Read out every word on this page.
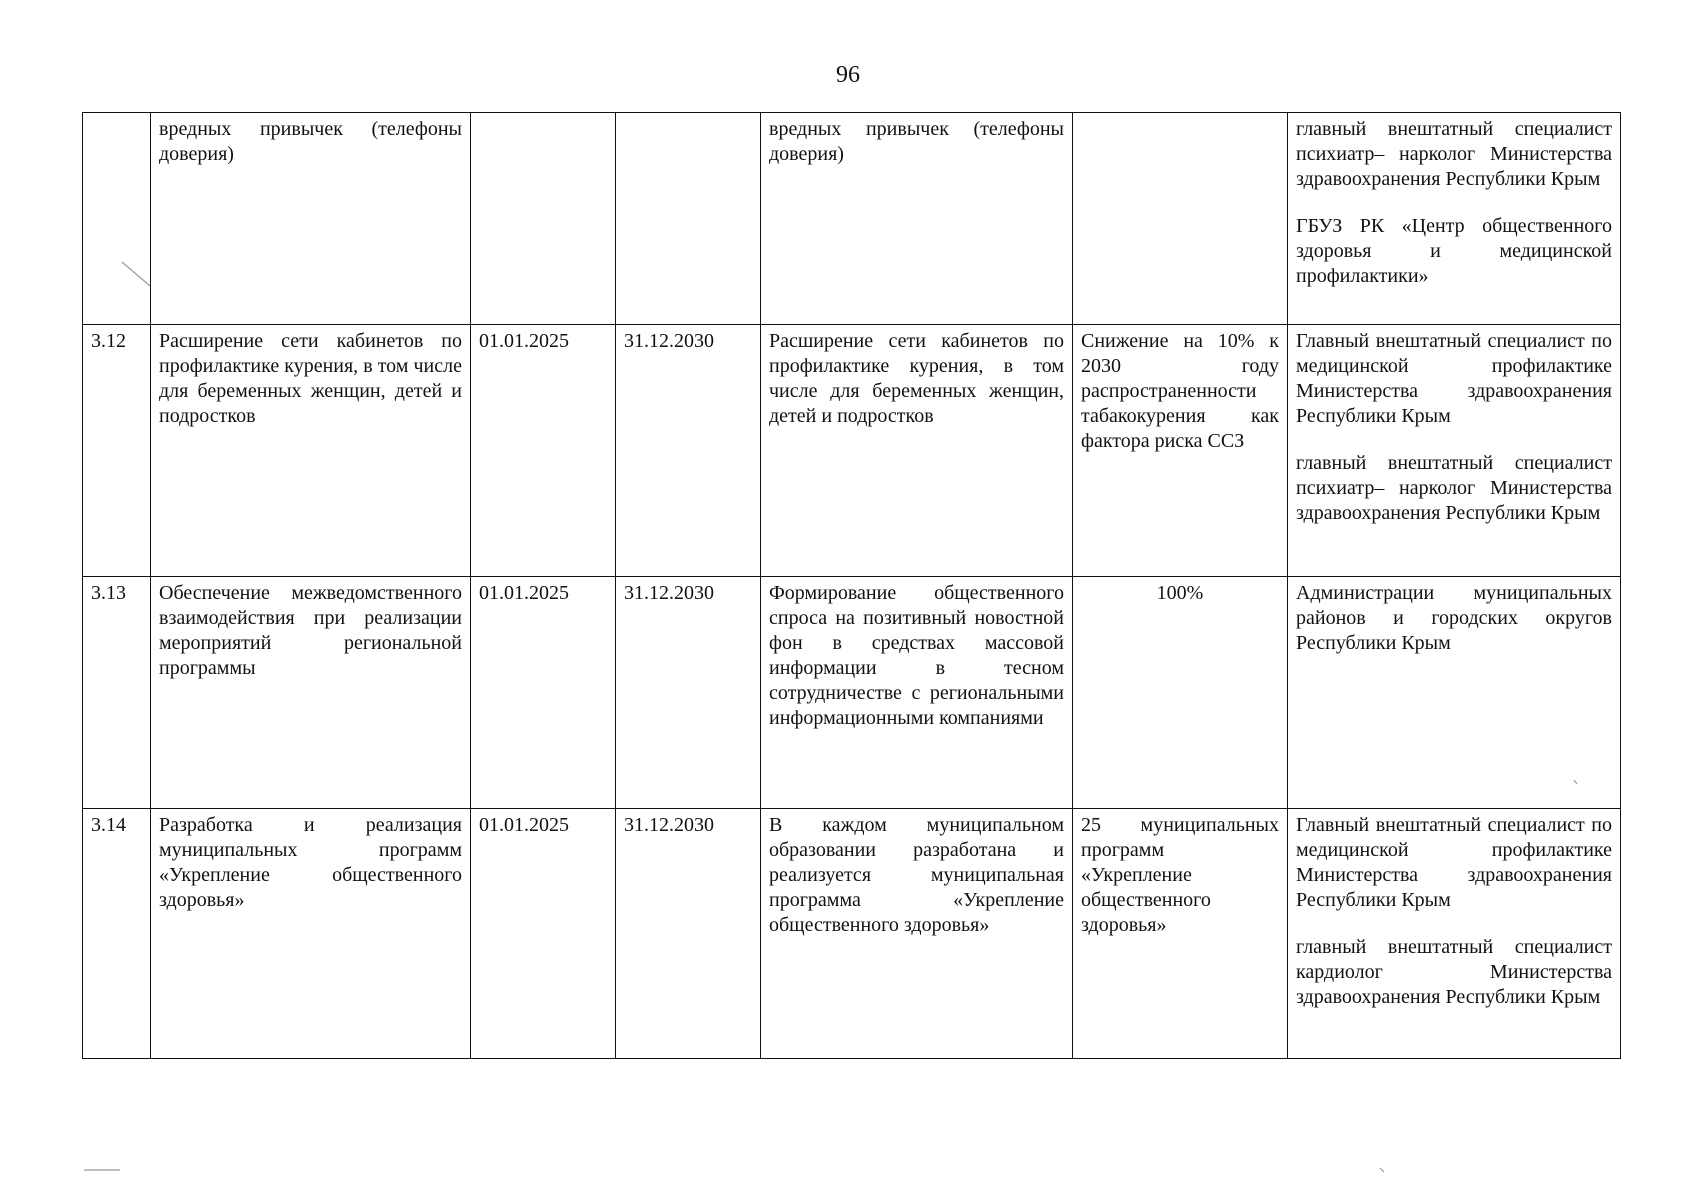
96
	вредных привычек (телефоны доверия)			вредных привычек (телефоны доверия)		главный внештатный специалист психиатр– нарколог Министерства здравоохранения Республики Крым
ГБУЗ РК «Центр общественного здоровья и медицинской профилактики»

3.12	Расширение сети кабинетов по профилактике курения, в том числе для беременных женщин, детей и подростков	01.01.2025	31.12.2030	Расширение сети кабинетов по профилактике курения, в том числе для беременных женщин, детей и подростков	Снижение на 10% к 2030 году распространенности табакокурения как фактора риска ССЗ	Главный внештатный специалист по медицинской профилактике Министерства здравоохранения Республики Крым
главный внештатный специалист психиатр– нарколог Министерства здравоохранения Республики Крым

3.13	Обеспечение межведомственного взаимодействия при реализации мероприятий региональной программы	01.01.2025	31.12.2030	Формирование общественного спроса на позитивный новостной фон в средствах массовой информации в тесном сотрудничестве с региональными информационными компаниями	100%	Администрации муниципальных районов и городских округов Республики Крым

3.14	Разработка и реализация муниципальных программ «Укрепление общественного здоровья»	01.01.2025	31.12.2030	В каждом муниципальном образовании разработана и реализуется муниципальная программа «Укрепление общественного здоровья»	25 муниципальных программ «Укрепление общественного здоровья»	Главный внештатный специалист по медицинской профилактике Министерства здравоохранения Республики Крым
главный внештатный специалист кардиолог Министерства здравоохранения Республики Крым
